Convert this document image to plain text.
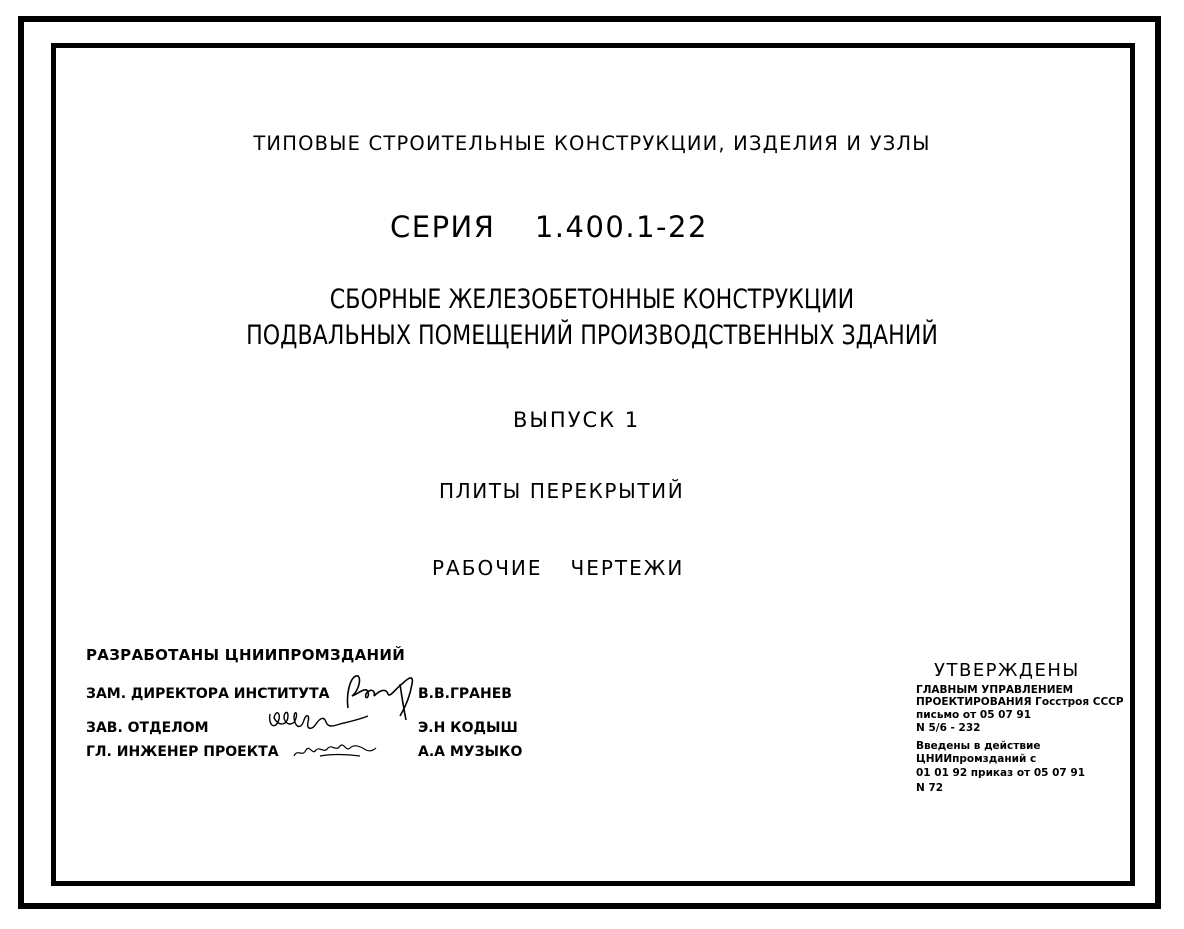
ТИПОВЫЕ СТРОИТЕЛЬНЫЕ КОНСТРУКЦИИ, ИЗДЕЛИЯ И УЗЛЫ
СЕРИЯ 1.400.1-22
СБОРНЫЕ ЖЕЛЕЗОБЕТОННЫЕ КОНСТРУКЦИИ
ПОДВАЛЬНЫХ ПОМЕЩЕНИЙ ПРОИЗВОДСТВЕННЫХ ЗДАНИЙ
ВЫПУСК 1
ПЛИТЫ ПЕРЕКРЫТИЙ
РАБОЧИЕ ЧЕРТЕЖИ
РАЗРАБОТАНЫ ЦНИИПРОМЗДАНИЙ
ЗАМ. ДИРЕКТОРА ИНСТИТУТА	В.В.ГРАНЕВ
ЗАВ. ОТДЕЛОМ	Э.Н КОДЫШ
ГЛ. ИНЖЕНЕР ПРОЕКТА	А.А МУЗЫКО
УТВЕРЖДЕНЫ
ГЛАВНЫМ УПРАВЛЕНИЕМ
ПРОЕКТИРОВАНИЯ Госстроя СССР
письмо от 05 07 91
N 5/6 - 232
Введены в действие
ЦНИИпромзданий с
01 01 92 приказ от 05 07 91
N 72
